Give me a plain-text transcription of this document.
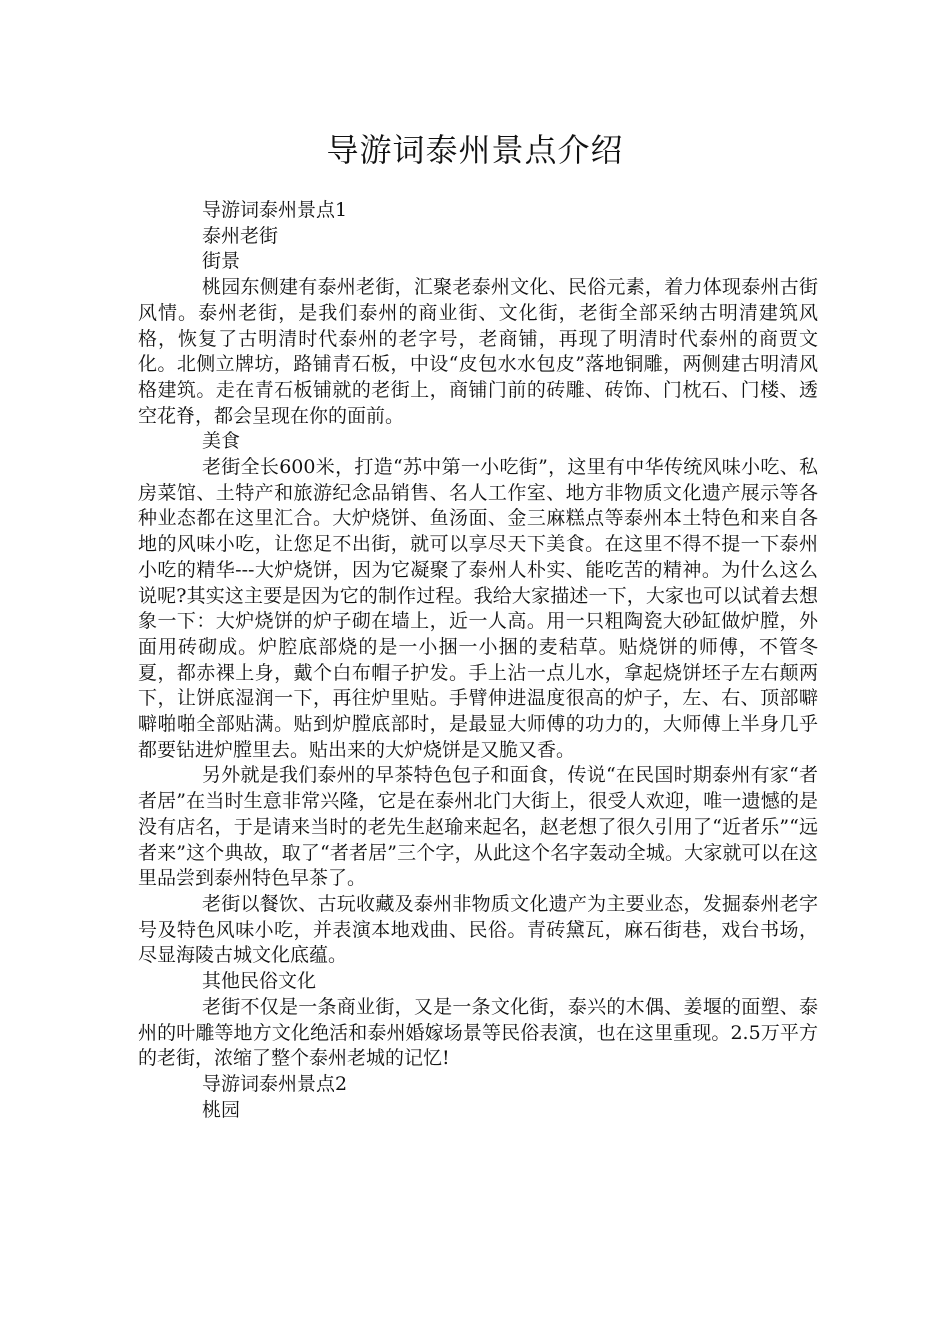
导游词泰州景点介绍

导游词泰州景点1

泰州老街

街景

桃园东侧建有泰州老街，汇聚老泰州文化、民俗元素，着力体现泰州古街风情。泰州老街，是我们泰州的商业街、文化街，老街全部采纳古明清建筑风格，恢复了古明清时代泰州的老字号，老商铺，再现了明清时代泰州的商贾文化。北侧立牌坊，路铺青石板，中设“皮包水水包皮”落地铜雕，两侧建古明清风格建筑。走在青石板铺就的老街上，商铺门前的砖雕、砖饰、门枕石、门楼、透空花脊，都会呈现在你的面前。

美食

老街全长600米，打造“苏中第一小吃街”，这里有中华传统风味小吃、私房菜馆、土特产和旅游纪念品销售、名人工作室、地方非物质文化遗产展示等各种业态都在这里汇合。大炉烧饼、鱼汤面、金三麻糕点等泰州本土特色和来自各地的风味小吃，让您足不出街，就可以享尽天下美食。在这里不得不提一下泰州小吃的精华---大炉烧饼，因为它凝聚了泰州人朴实、能吃苦的精神。为什么这么说呢?其实这主要是因为它的制作过程。我给大家描述一下，大家也可以试着去想象一下：大炉烧饼的炉子砌在墙上，近一人高。用一只粗陶瓷大砂缸做炉膛，外面用砖砌成。炉腔底部烧的是一小捆一小捆的麦秸草。贴烧饼的师傅，不管冬夏，都赤裸上身，戴个白布帽子护发。手上沾一点儿水，拿起烧饼坯子左右颠两下，让饼底湿润一下，再往炉里贴。手臂伸进温度很高的炉子，左、右、顶部噼噼啪啪全部贴满。贴到炉膛底部时，是最显大师傅的功力的，大师傅上半身几乎都要钻进炉膛里去。贴出来的大炉烧饼是又脆又香。

另外就是我们泰州的早茶特色包子和面食，传说“在民国时期泰州有家“者者居”在当时生意非常兴隆，它是在泰州北门大街上，很受人欢迎，唯一遗憾的是没有店名，于是请来当时的老先生赵瑜来起名，赵老想了很久引用了“近者乐”“远者来”这个典故，取了“者者居”三个字，从此这个名字轰动全城。大家就可以在这里品尝到泰州特色早茶了。

老街以餐饮、古玩收藏及泰州非物质文化遗产为主要业态，发掘泰州老字号及特色风味小吃，并表演本地戏曲、民俗。青砖黛瓦，麻石街巷，戏台书场，尽显海陵古城文化底蕴。

其他民俗文化

老街不仅是一条商业街，又是一条文化街，泰兴的木偶、姜堰的面塑、泰州的叶雕等地方文化绝活和泰州婚嫁场景等民俗表演，也在这里重现。2.5万平方的老街，浓缩了整个泰州老城的记忆!

导游词泰州景点2

桃园
